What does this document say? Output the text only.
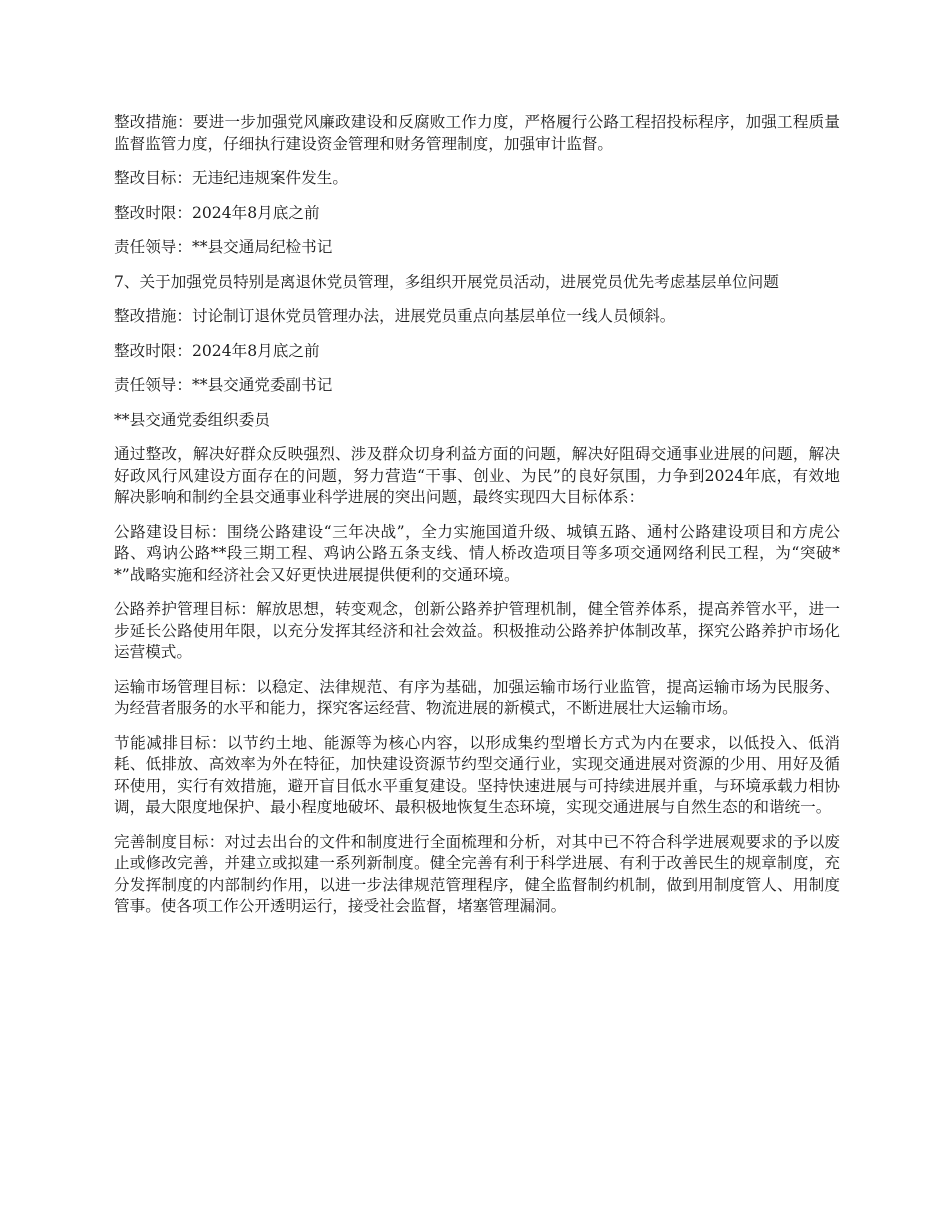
整改措施：要进一步加强党风廉政建设和反腐败工作力度，严格履行公路工程招投标程序，加强工程质量监督监管力度，仔细执行建设资金管理和财务管理制度，加强审计监督。

整改目标：无违纪违规案件发生。

整改时限：2024年8月底之前

责任领导：**县交通局纪检书记

7、关于加强党员特别是离退休党员管理，多组织开展党员活动，进展党员优先考虑基层单位问题

整改措施：讨论制订退休党员管理办法，进展党员重点向基层单位一线人员倾斜。

整改时限：2024年8月底之前

责任领导：**县交通党委副书记

**县交通党委组织委员

通过整改，解决好群众反映强烈、涉及群众切身利益方面的问题，解决好阻碍交通事业进展的问题，解决好政风行风建设方面存在的问题，努力营造“干事、创业、为民”的良好氛围，力争到2024年底，有效地解决影响和制约全县交通事业科学进展的突出问题，最终实现四大目标体系：

公路建设目标：围绕公路建设“三年决战”，全力实施国道升级、城镇五路、通村公路建设项目和方虎公路、鸡讷公路**段三期工程、鸡讷公路五条支线、情人桥改造项目等多项交通网络利民工程，为“突破**”战略实施和经济社会又好更快进展提供便利的交通环境。

公路养护管理目标：解放思想，转变观念，创新公路养护管理机制，健全管养体系，提高养管水平，进一步延长公路使用年限，以充分发挥其经济和社会效益。积极推动公路养护体制改革，探究公路养护市场化运营模式。

运输市场管理目标：以稳定、法律规范、有序为基础，加强运输市场行业监管，提高运输市场为民服务、为经营者服务的水平和能力，探究客运经营、物流进展的新模式，不断进展壮大运输市场。

节能减排目标：以节约土地、能源等为核心内容，以形成集约型增长方式为内在要求，以低投入、低消耗、低排放、高效率为外在特征，加快建设资源节约型交通行业，实现交通进展对资源的少用、用好及循环使用，实行有效措施，避开盲目低水平重复建设。坚持快速进展与可持续进展并重，与环境承载力相协调，最大限度地保护、最小程度地破坏、最积极地恢复生态环境，实现交通进展与自然生态的和谐统一。

完善制度目标：对过去出台的文件和制度进行全面梳理和分析，对其中已不符合科学进展观要求的予以废止或修改完善，并建立或拟建一系列新制度。健全完善有利于科学进展、有利于改善民生的规章制度，充分发挥制度的内部制约作用，以进一步法律规范管理程序，健全监督制约机制，做到用制度管人、用制度管事。使各项工作公开透明运行，接受社会监督，堵塞管理漏洞。
